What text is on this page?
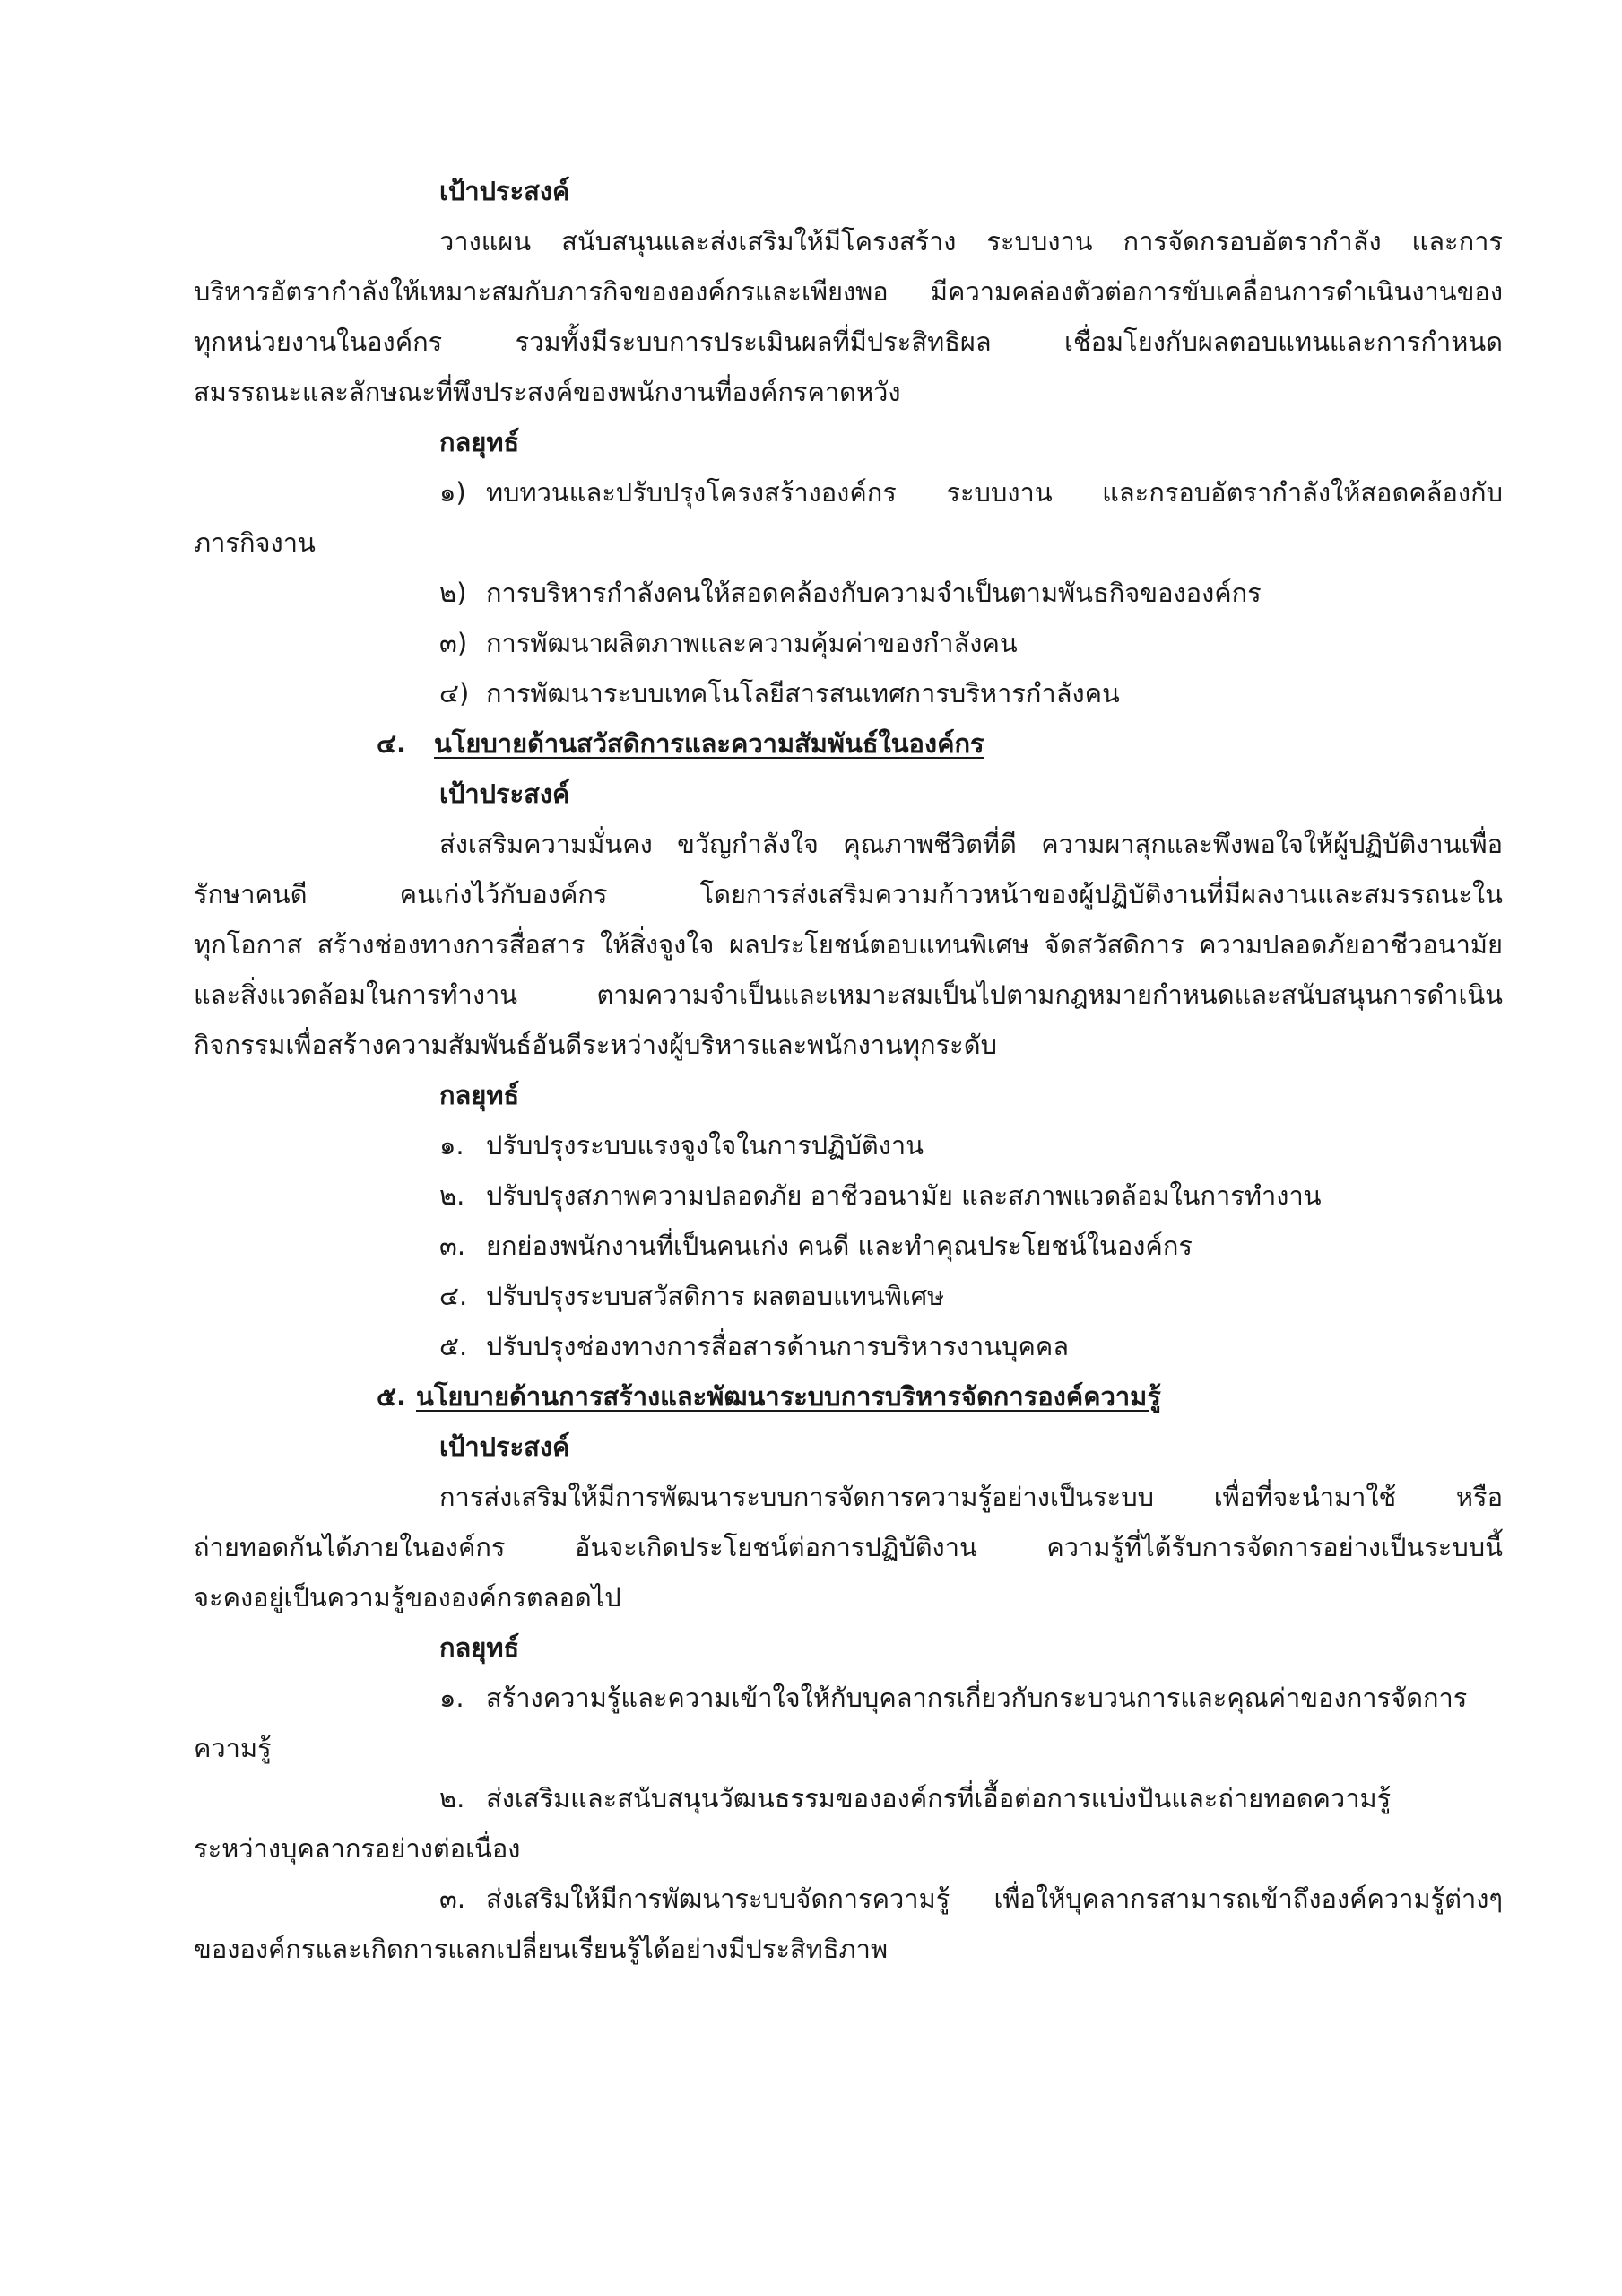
เป้าประสงค์
วางแผน สนับสนุนและส่งเสริมให้มีโครงสร้าง ระบบงาน การจัดกรอบอัตรากำลัง และการ
บริหารอัตรากำลังให้เหมาะสมกับภารกิจขององค์กรและเพียงพอ มีความคล่องตัวต่อการขับเคลื่อนการดำเนินงานของ
ทุกหน่วยงานในองค์กร รวมทั้งมีระบบการประเมินผลที่มีประสิทธิผล เชื่อมโยงกับผลตอบแทนและการกำหนด
สมรรถนะและลักษณะที่พึงประสงค์ของพนักงานที่องค์กรคาดหวัง
กลยุทธ์
๑) ทบทวนและปรับปรุงโครงสร้างองค์กร ระบบงาน และกรอบอัตรากำลังให้สอดคล้องกับ
ภารกิจงาน
๒) การบริหารกำลังคนให้สอดคล้องกับความจำเป็นตามพันธกิจขององค์กร
๓) การพัฒนาผลิตภาพและความคุ้มค่าของกำลังคน
๔) การพัฒนาระบบเทคโนโลยีสารสนเทศการบริหารกำลังคน
๔. นโยบายด้านสวัสดิการและความสัมพันธ์ในองค์กร
เป้าประสงค์
ส่งเสริมความมั่นคง ขวัญกำลังใจ คุณภาพชีวิตที่ดี ความผาสุกและพึงพอใจให้ผู้ปฏิบัติงานเพื่อ
รักษาคนดี คนเก่งไว้กับองค์กร โดยการส่งเสริมความก้าวหน้าของผู้ปฏิบัติงานที่มีผลงานและสมรรถนะใน
ทุกโอกาส สร้างช่องทางการสื่อสาร ให้สิ่งจูงใจ ผลประโยชน์ตอบแทนพิเศษ จัดสวัสดิการ ความปลอดภัยอาชีวอนามัย
และสิ่งแวดล้อมในการทำงาน ตามความจำเป็นและเหมาะสมเป็นไปตามกฎหมายกำหนดและสนับสนุนการดำเนิน
กิจกรรมเพื่อสร้างความสัมพันธ์อันดีระหว่างผู้บริหารและพนักงานทุกระดับ
กลยุทธ์
๑. ปรับปรุงระบบแรงจูงใจในการปฏิบัติงาน
๒. ปรับปรุงสภาพความปลอดภัย อาชีวอนามัย และสภาพแวดล้อมในการทำงาน
๓. ยกย่องพนักงานที่เป็นคนเก่ง คนดี และทำคุณประโยชน์ในองค์กร
๔. ปรับปรุงระบบสวัสดิการ ผลตอบแทนพิเศษ
๕. ปรับปรุงช่องทางการสื่อสารด้านการบริหารงานบุคคล
๕. นโยบายด้านการสร้างและพัฒนาระบบการบริหารจัดการองค์ความรู้
เป้าประสงค์
การส่งเสริมให้มีการพัฒนาระบบการจัดการความรู้อย่างเป็นระบบ เพื่อที่จะนำมาใช้ หรือ
ถ่ายทอดกันได้ภายในองค์กร อันจะเกิดประโยชน์ต่อการปฏิบัติงาน ความรู้ที่ได้รับการจัดการอย่างเป็นระบบนี้
จะคงอยู่เป็นความรู้ขององค์กรตลอดไป
กลยุทธ์
๑. สร้างความรู้และความเข้าใจให้กับบุคลากรเกี่ยวกับกระบวนการและคุณค่าของการจัดการ
ความรู้
๒. ส่งเสริมและสนับสนุนวัฒนธรรมขององค์กรที่เอื้อต่อการแบ่งปันและถ่ายทอดความรู้
ระหว่างบุคลากรอย่างต่อเนื่อง
๓. ส่งเสริมให้มีการพัฒนาระบบจัดการความรู้ เพื่อให้บุคลากรสามารถเข้าถึงองค์ความรู้ต่างๆ
ขององค์กรและเกิดการแลกเปลี่ยนเรียนรู้ได้อย่างมีประสิทธิภาพ
